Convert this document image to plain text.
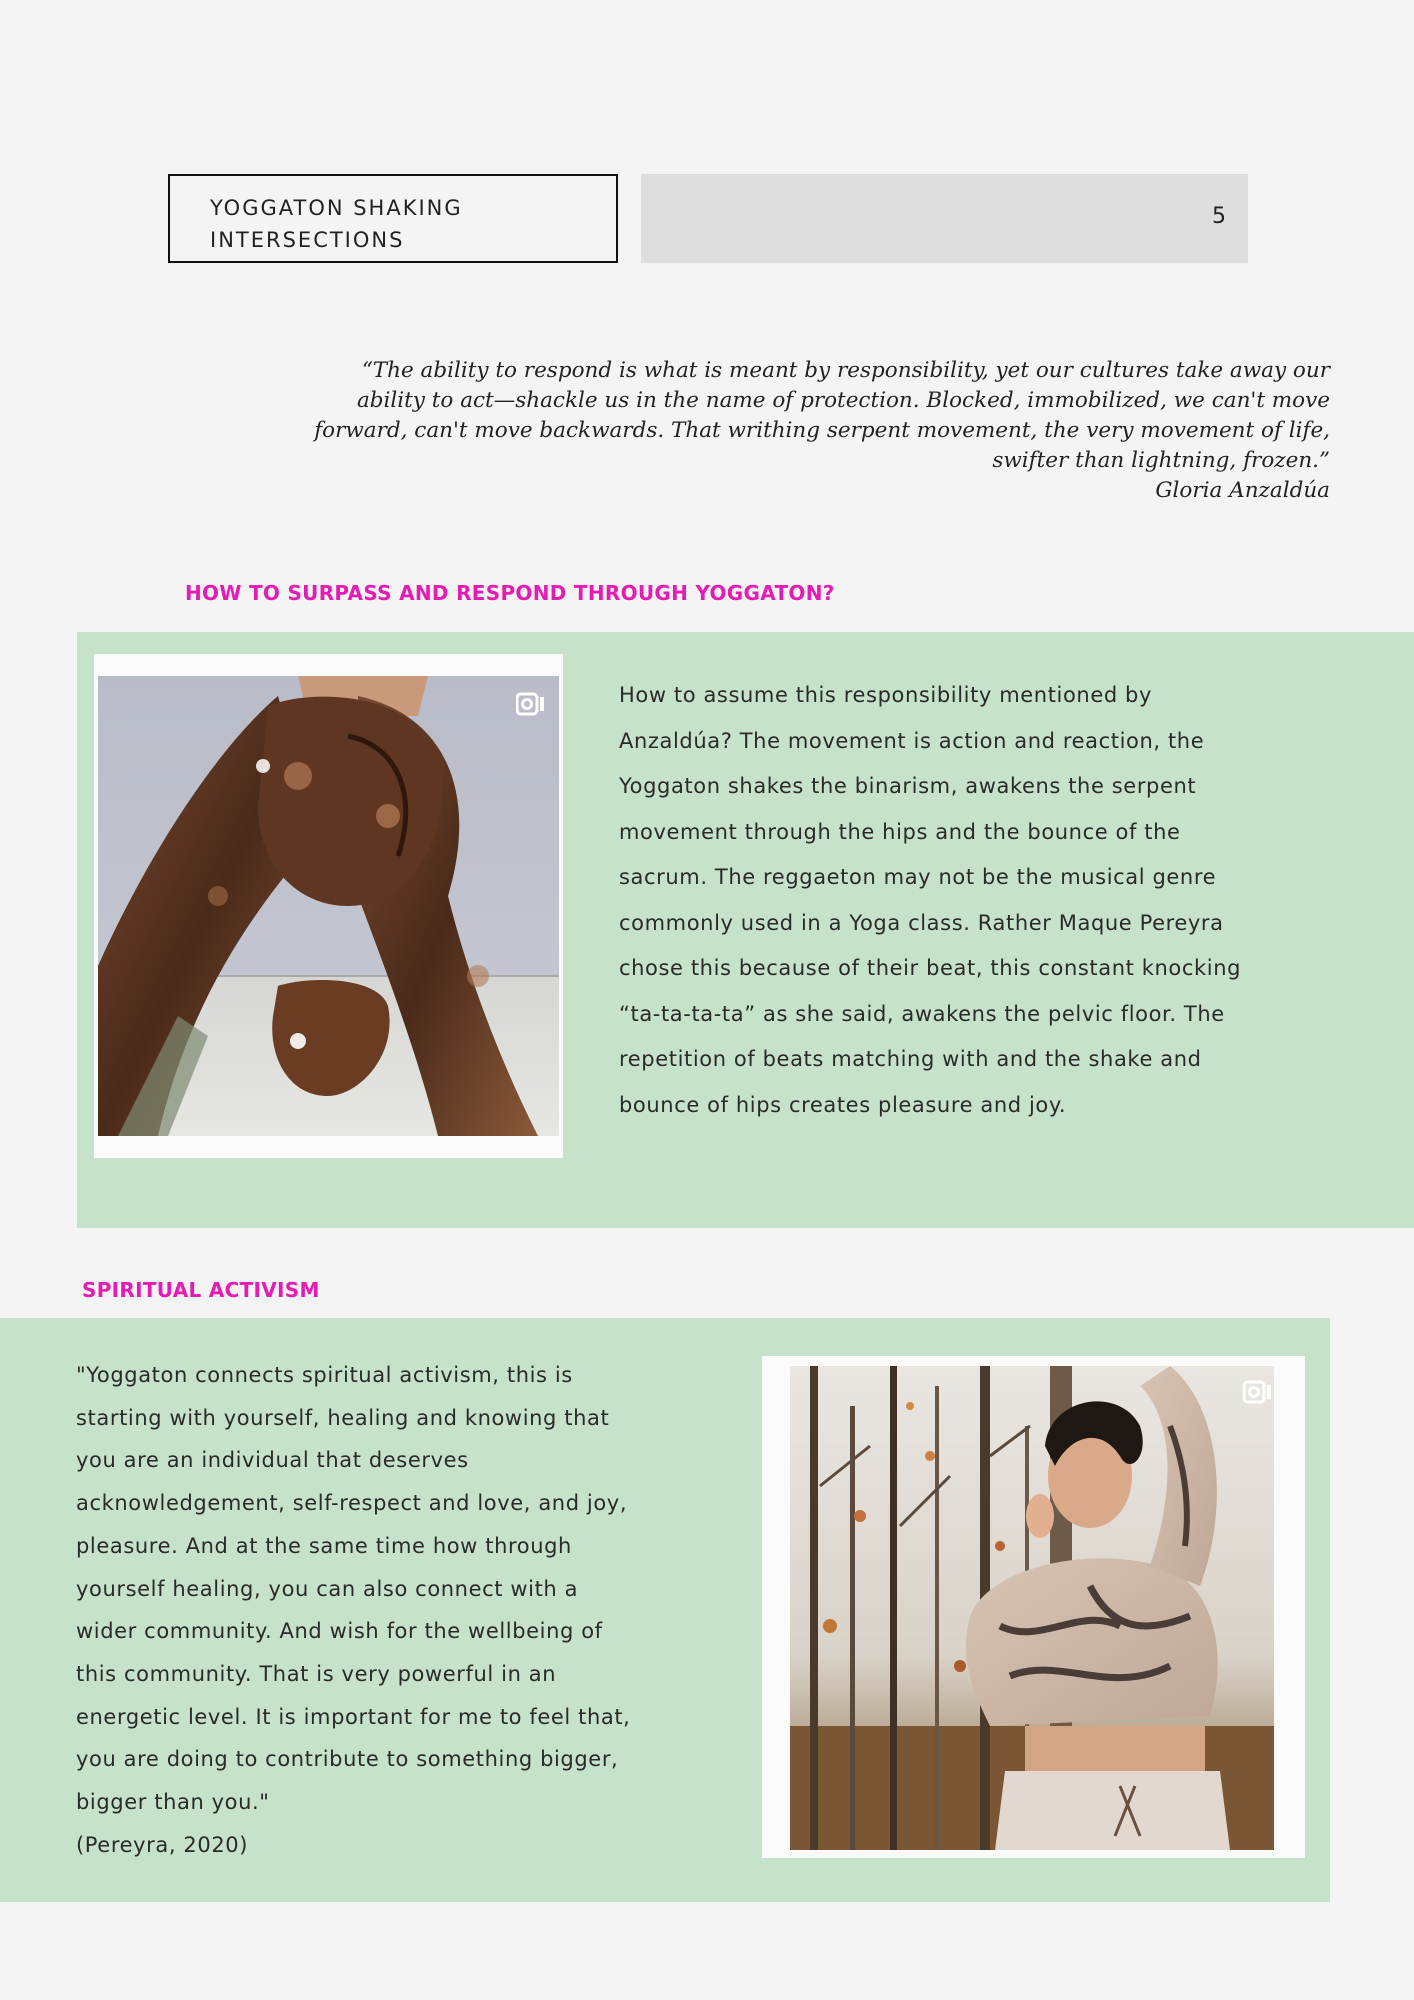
YOGGATON SHAKING
INTERSECTIONS
5
“The ability to respond is what is meant by responsibility, yet our cultures take away our
ability to act—shackle us in the name of protection. Blocked, immobilized, we can't move
forward, can't move backwards. That writhing serpent movement, the very movement of life,
swifter than lightning, frozen.”
Gloria Anzaldúa
HOW TO SURPASS AND RESPOND THROUGH YOGGATON?
How to assume this responsibility mentioned by
Anzaldúa? The movement is action and reaction, the
Yoggaton shakes the binarism, awakens the serpent
movement through the hips and the bounce of the
sacrum. The reggaeton may not be the musical genre
commonly used in a Yoga class. Rather Maque Pereyra
chose this because of their beat, this constant knocking
“ta-ta-ta-ta” as she said, awakens the pelvic floor. The
repetition of beats matching with and the shake and
bounce of hips creates pleasure and joy.
SPIRITUAL ACTIVISM
"Yoggaton connects spiritual activism, this is
starting with yourself, healing and knowing that
you are an individual that deserves
acknowledgement, self-respect and love, and joy,
pleasure. And at the same time how through
yourself healing, you can also connect with a
wider community. And wish for the wellbeing of
this community. That is very powerful in an
energetic level. It is important for me to feel that,
you are doing to contribute to something bigger,
bigger than you."
(Pereyra, 2020)
